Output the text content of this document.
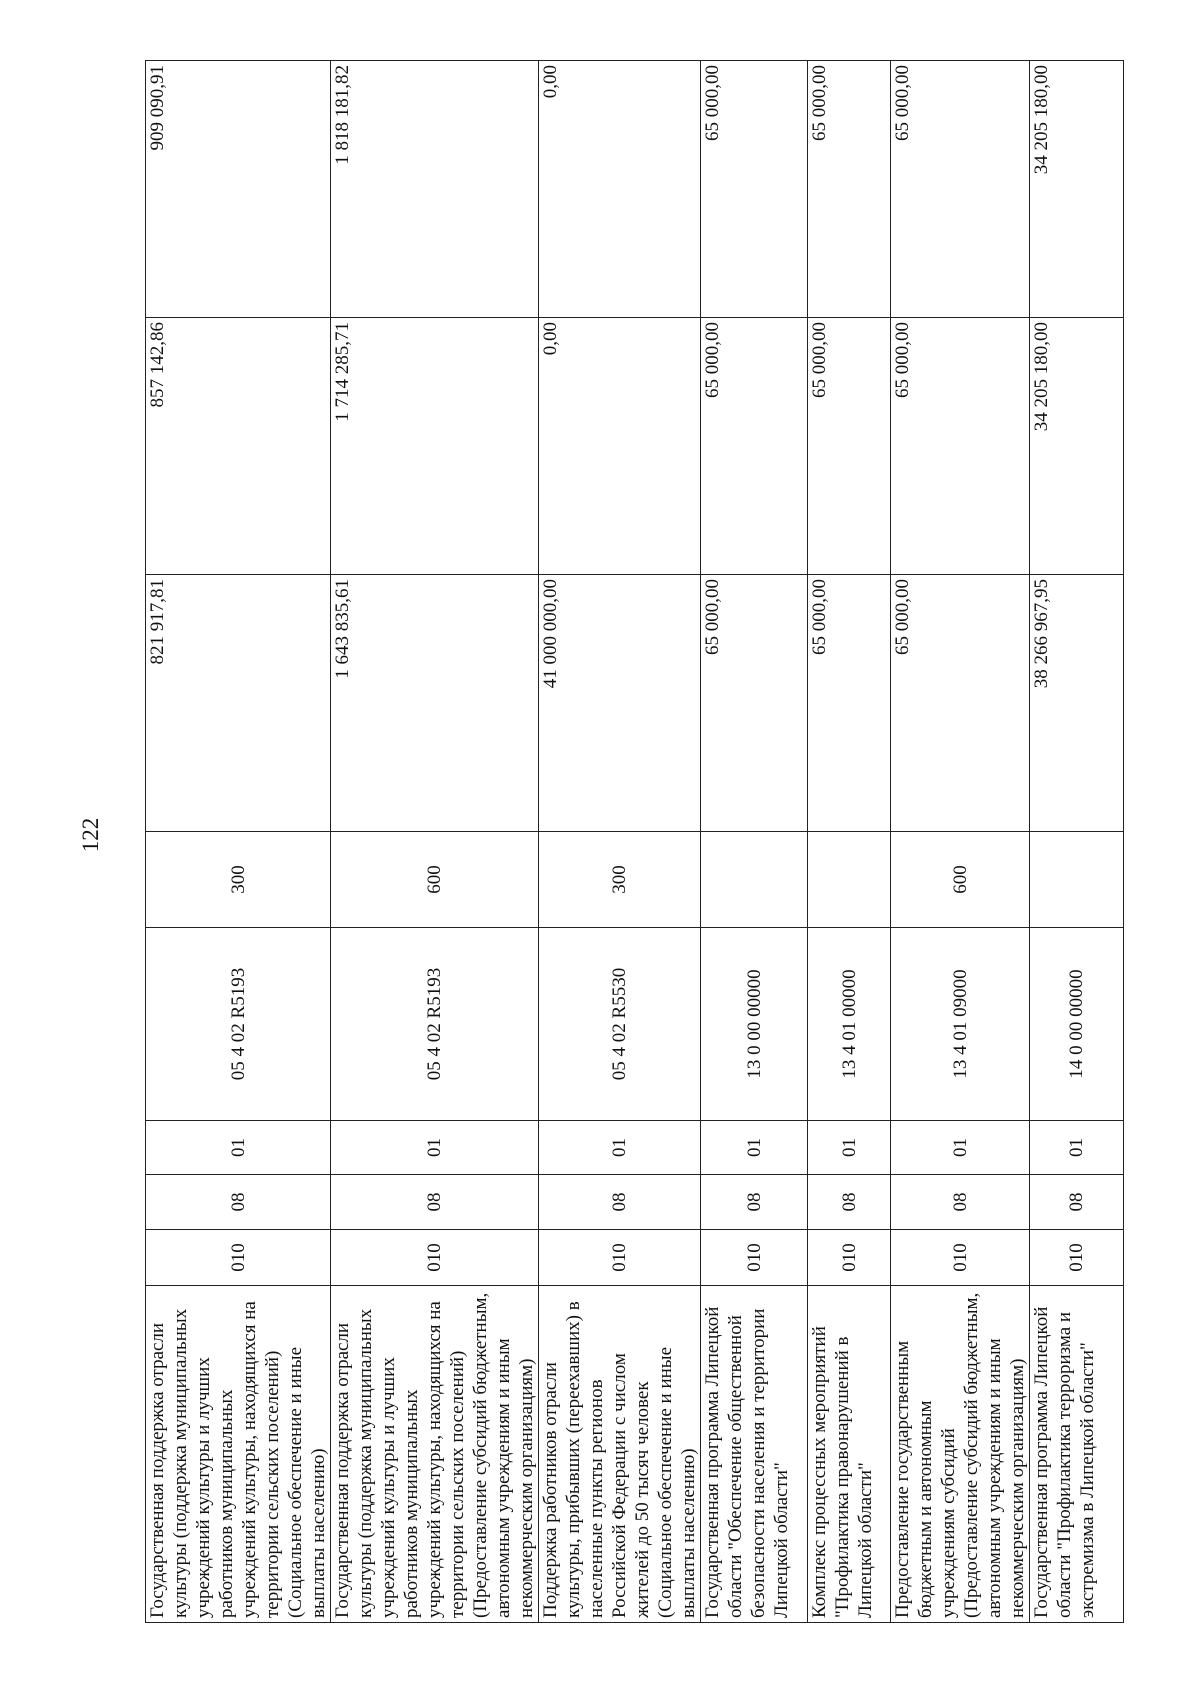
122
Государственная поддержка отрасли культуры (поддержка муниципальных учреждений культуры и лучших работников муниципальных учреждений культуры, находящихся на территории сельских поселений) (Социальное обеспечение и иные выплаты населению)	010	08	01	05 4 02 R5193	300	821 917,81	857 142,86	909 090,91
Государственная поддержка отрасли культуры (поддержка муниципальных учреждений культуры и лучших работников муниципальных учреждений культуры, находящихся на территории сельских поселений) (Предоставление субсидий бюджетным, автономным учреждениям и иным некоммерческим организациям)	010	08	01	05 4 02 R5193	600	1 643 835,61	1 714 285,71	1 818 181,82
Поддержка работников отрасли культуры, прибывших (переехавших) в населенные пункты регионов Российской Федерации с числом жителей до 50 тысяч человек (Социальное обеспечение и иные выплаты населению)	010	08	01	05 4 02 R5530	300	41 000 000,00	0,00	0,00
Государственная программа Липецкой области "Обеспечение общественной безопасности населения и территории Липецкой области"	010	08	01	13 0 00 00000		65 000,00	65 000,00	65 000,00
Комплекс процессных мероприятий "Профилактика правонарушений в Липецкой области"	010	08	01	13 4 01 00000		65 000,00	65 000,00	65 000,00
Предоставление государственным бюджетным и автономным учреждениям субсидий (Предоставление субсидий бюджетным, автономным учреждениям и иным некоммерческим организациям)	010	08	01	13 4 01 09000	600	65 000,00	65 000,00	65 000,00
Государственная программа Липецкой области "Профилактика терроризма и экстремизма в Липецкой области"	010	08	01	14 0 00 00000		38 266 967,95	34 205 180,00	34 205 180,00
